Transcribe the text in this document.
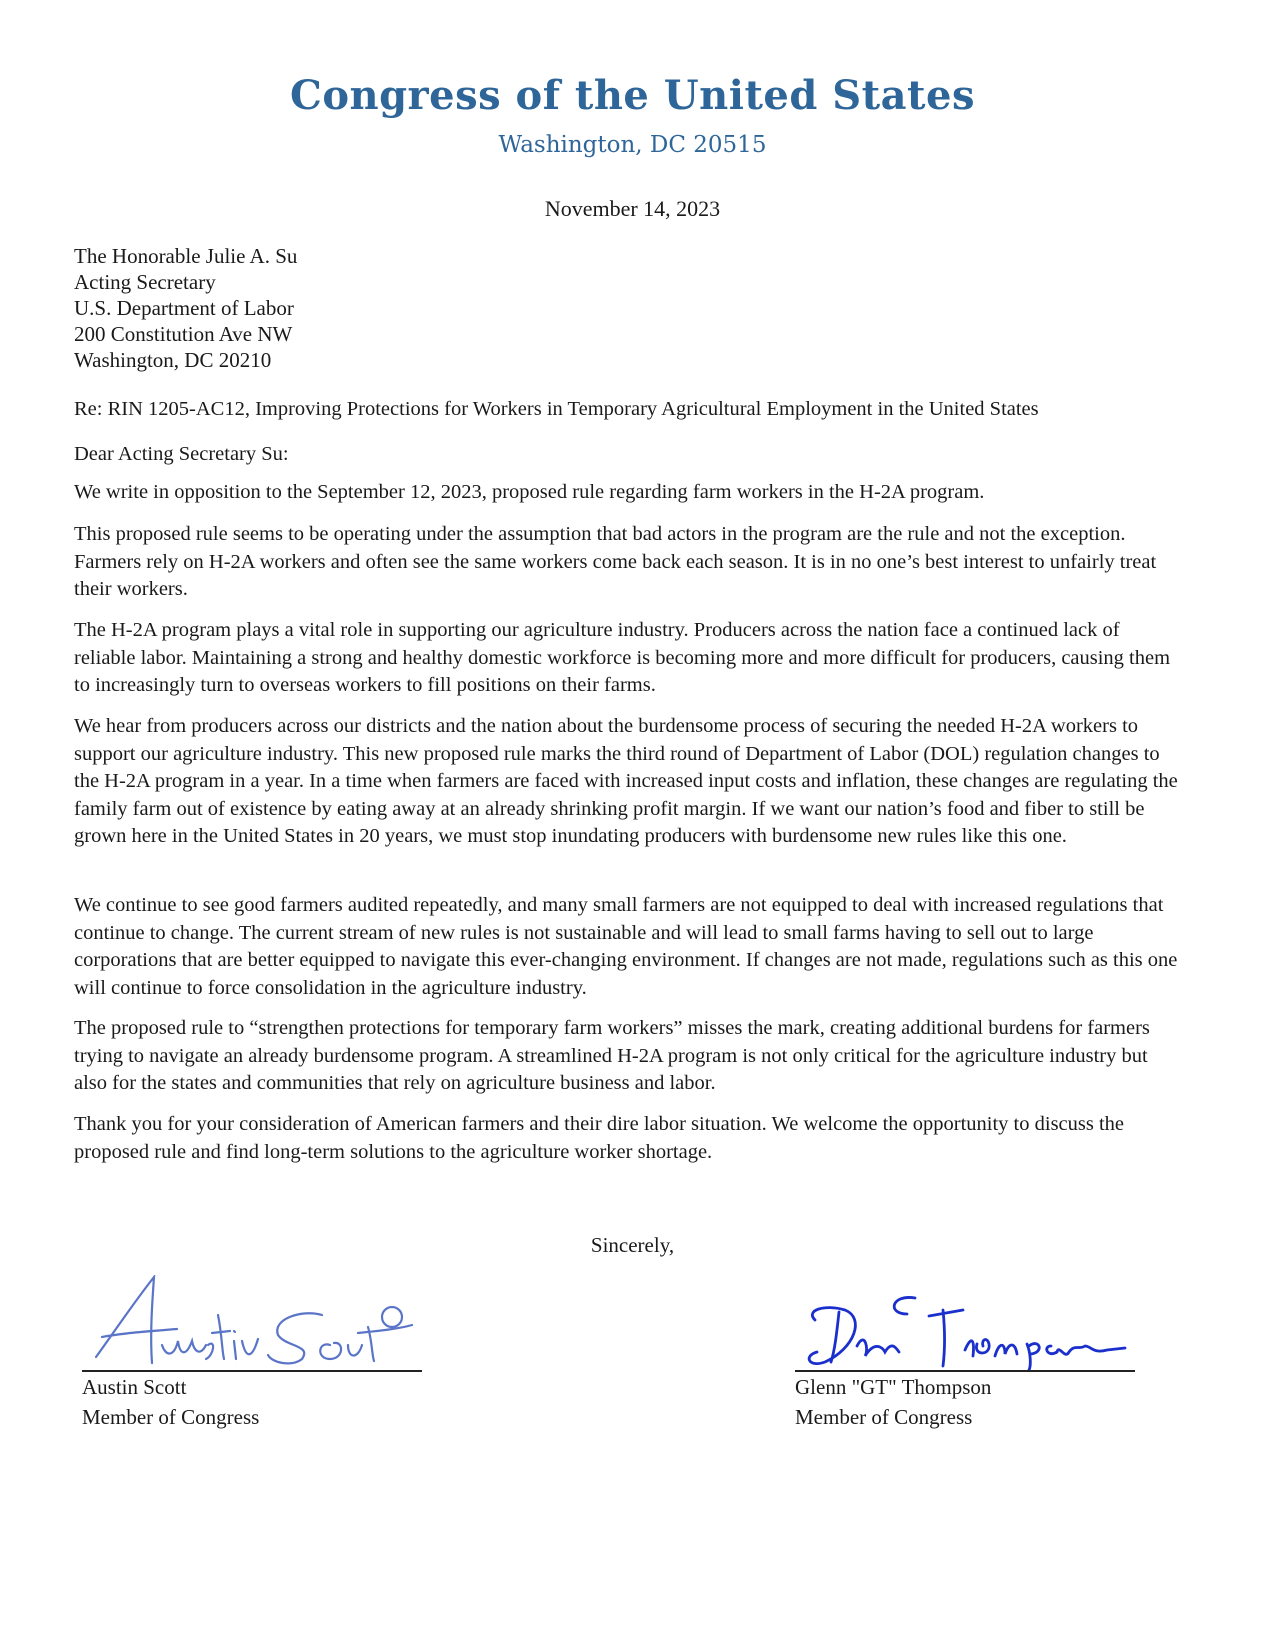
Congress of the United States
Washington, DC 20515
November 14, 2023
The Honorable Julie A. Su
Acting Secretary
U.S. Department of Labor
200 Constitution Ave NW
Washington, DC 20210
Re: RIN 1205-AC12, Improving Protections for Workers in Temporary Agricultural Employment in the United States
Dear Acting Secretary Su:

We write in opposition to the September 12, 2023, proposed rule regarding farm workers in the H-2A program.

This proposed rule seems to be operating under the assumption that bad actors in the program are the rule and not the exception. Farmers rely on H-2A workers and often see the same workers come back each season. It is in no one’s best interest to unfairly treat their workers.

The H-2A program plays a vital role in supporting our agriculture industry. Producers across the nation face a continued lack of reliable labor. Maintaining a strong and healthy domestic workforce is becoming more and more difficult for producers, causing them to increasingly turn to overseas workers to fill positions on their farms.

We hear from producers across our districts and the nation about the burdensome process of securing the needed H-2A workers to support our agriculture industry. This new proposed rule marks the third round of Department of Labor (DOL) regulation changes to the H-2A program in a year. In a time when farmers are faced with increased input costs and inflation, these changes are regulating the family farm out of existence by eating away at an already shrinking profit margin. If we want our nation’s food and fiber to still be grown here in the United States in 20 years, we must stop inundating producers with burdensome new rules like this one.

We continue to see good farmers audited repeatedly, and many small farmers are not equipped to deal with increased regulations that continue to change. The current stream of new rules is not sustainable and will lead to small farms having to sell out to large corporations that are better equipped to navigate this ever-changing environment. If changes are not made, regulations such as this one will continue to force consolidation in the agriculture industry.

The proposed rule to “strengthen protections for temporary farm workers” misses the mark, creating additional burdens for farmers trying to navigate an already burdensome program. A streamlined H-2A program is not only critical for the agriculture industry but also for the states and communities that rely on agriculture business and labor.

Thank you for your consideration of American farmers and their dire labor situation. We welcome the opportunity to discuss the proposed rule and find long-term solutions to the agriculture worker shortage.

Sincerely,
Austin Scott
Member of Congress
Glenn "GT" Thompson
Member of Congress
